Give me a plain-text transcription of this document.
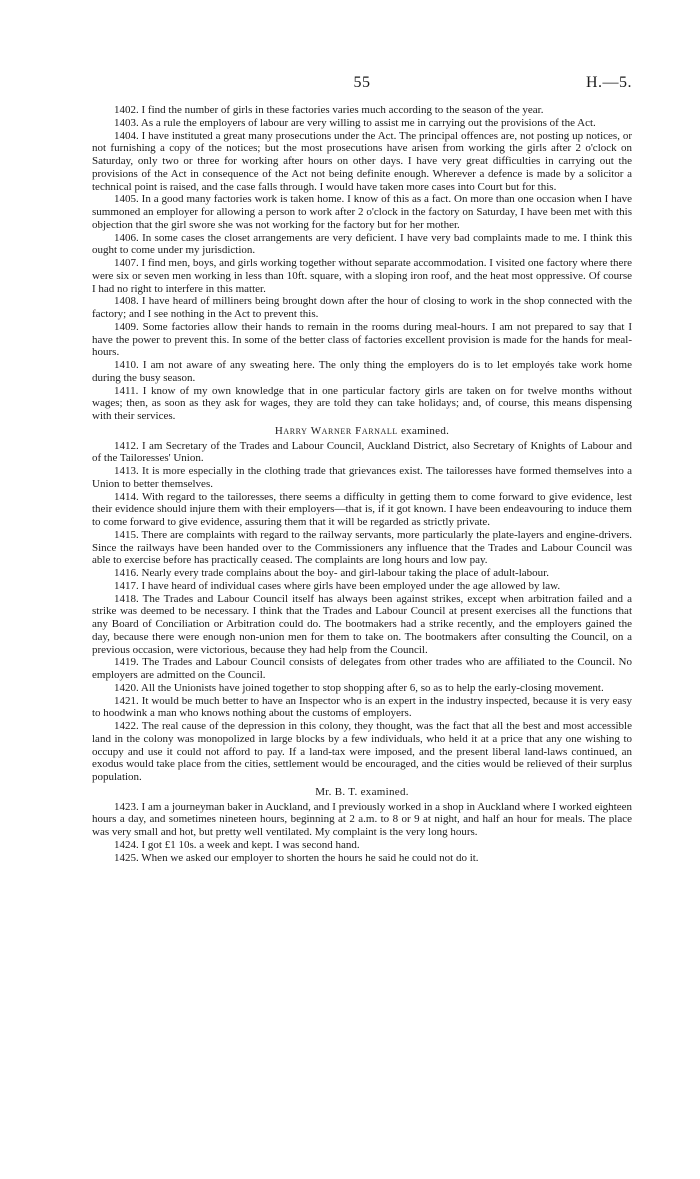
55	H.—5.

1402. I find the number of girls in these factories varies much according to the season of the year.

1403. As a rule the employers of labour are very willing to assist me in carrying out the provisions of the Act.

1404. I have instituted a great many prosecutions under the Act. The principal offences are, not posting up notices, or not furnishing a copy of the notices; but the most prosecutions have arisen from working the girls after 2 o'clock on Saturday, only two or three for working after hours on other days. I have very great difficulties in carrying out the provisions of the Act in consequence of the Act not being definite enough. Wherever a defence is made by a solicitor a technical point is raised, and the case falls through. I would have taken more cases into Court but for this.

1405. In a good many factories work is taken home. I know of this as a fact. On more than one occasion when I have summoned an employer for allowing a person to work after 2 o'clock in the factory on Saturday, I have been met with this objection that the girl swore she was not working for the factory but for her mother.

1406. In some cases the closet arrangements are very deficient. I have very bad complaints made to me. I think this ought to come under my jurisdiction.

1407. I find men, boys, and girls working together without separate accommodation. I visited one factory where there were six or seven men working in less than 10ft. square, with a sloping iron roof, and the heat most oppressive. Of course I had no right to interfere in this matter.

1408. I have heard of milliners being brought down after the hour of closing to work in the shop connected with the factory; and I see nothing in the Act to prevent this.

1409. Some factories allow their hands to remain in the rooms during meal-hours. I am not prepared to say that I have the power to prevent this. In some of the better class of factories excellent provision is made for the hands for meal-hours.

1410. I am not aware of any sweating here. The only thing the employers do is to let employés take work home during the busy season.

1411. I know of my own knowledge that in one particular factory girls are taken on for twelve months without wages; then, as soon as they ask for wages, they are told they can take holidays; and, of course, this means dispensing with their services.

Harry Warner Farnall examined.

1412. I am Secretary of the Trades and Labour Council, Auckland District, also Secretary of Knights of Labour and of the Tailoresses' Union.

1413. It is more especially in the clothing trade that grievances exist. The tailoresses have formed themselves into a Union to better themselves.

1414. With regard to the tailoresses, there seems a difficulty in getting them to come forward to give evidence, lest their evidence should injure them with their employers—that is, if it got known. I have been endeavouring to induce them to come forward to give evidence, assuring them that it will be regarded as strictly private.

1415. There are complaints with regard to the railway servants, more particularly the plate-layers and engine-drivers. Since the railways have been handed over to the Commissioners any influence that the Trades and Labour Council was able to exercise before has practically ceased. The complaints are long hours and low pay.

1416. Nearly every trade complains about the boy- and girl-labour taking the place of adult-labour.

1417. I have heard of individual cases where girls have been employed under the age allowed by law.

1418. The Trades and Labour Council itself has always been against strikes, except when arbitration failed and a strike was deemed to be necessary. I think that the Trades and Labour Council at present exercises all the functions that any Board of Conciliation or Arbitration could do. The bootmakers had a strike recently, and the employers gained the day, because there were enough non-union men for them to take on. The bootmakers after consulting the Council, on a previous occasion, were victorious, because they had help from the Council.

1419. The Trades and Labour Council consists of delegates from other trades who are affiliated to the Council. No employers are admitted on the Council.

1420. All the Unionists have joined together to stop shopping after 6, so as to help the early-closing movement.

1421. It would be much better to have an Inspector who is an expert in the industry inspected, because it is very easy to hoodwink a man who knows nothing about the customs of employers.

1422. The real cause of the depression in this colony, they thought, was the fact that all the best and most accessible land in the colony was monopolized in large blocks by a few individuals, who held it at a price that any one wishing to occupy and use it could not afford to pay. If a land-tax were imposed, and the present liberal land-laws continued, an exodus would take place from the cities, settlement would be encouraged, and the cities would be relieved of their surplus population.

Mr. B. T. examined.

1423. I am a journeyman baker in Auckland, and I previously worked in a shop in Auckland where I worked eighteen hours a day, and sometimes nineteen hours, beginning at 2 a.m. to 8 or 9 at night, and half an hour for meals. The place was very small and hot, but pretty well ventilated. My complaint is the very long hours.

1424. I got £1 10s. a week and kept. I was second hand.

1425. When we asked our employer to shorten the hours he said he could not do it.
